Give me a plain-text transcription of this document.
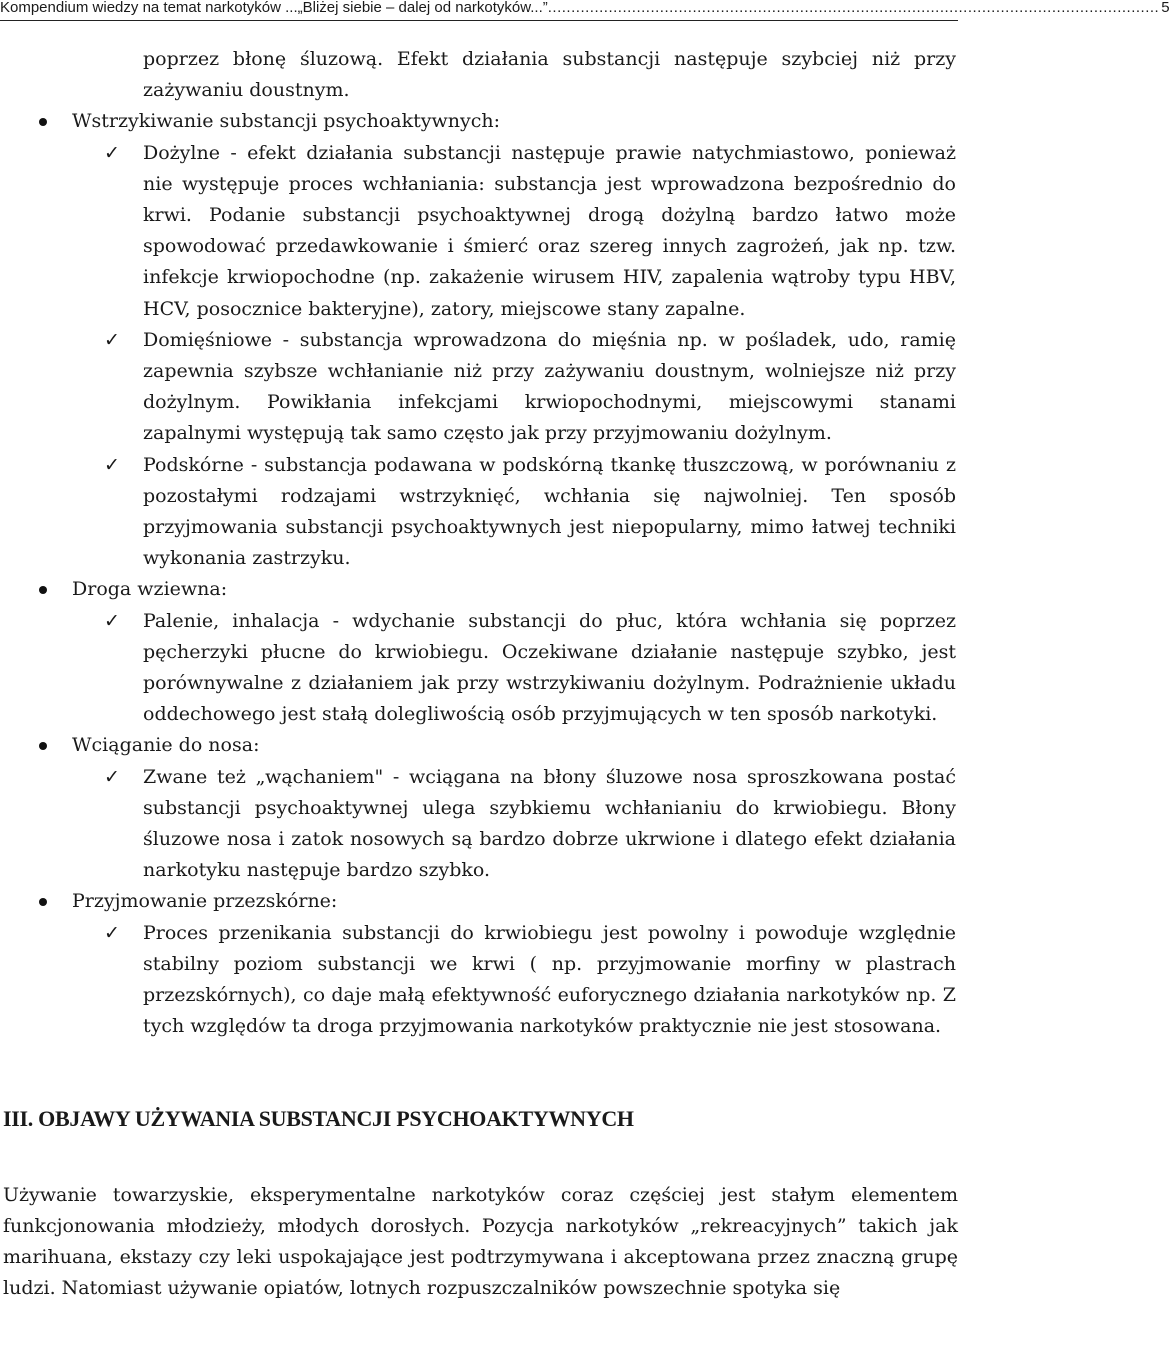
Kompendium wiedzy na temat narkotyków ...„Bliżej siebie – dalej od narkotyków...” ................................................................................................................................... 5

poprzez błonę śluzową. Efekt działania substancji następuje szybciej niż przy zażywaniu doustnym.

Wstrzykiwanie substancji psychoaktywnych:
✓ Dożylne - efekt działania substancji następuje prawie natychmiastowo, ponieważ nie występuje proces wchłaniania: substancja jest wprowadzona bezpośrednio do krwi. Podanie substancji psychoaktywnej drogą dożylną bardzo łatwo może spowodować przedawkowanie i śmierć oraz szereg innych zagrożeń, jak np. tzw. infekcje krwiopochodne (np. zakażenie wirusem HIV, zapalenia wątroby typu HBV, HCV, posocznice bakteryjne), zatory, miejscowe stany zapalne.
✓ Domięśniowe - substancja wprowadzona do mięśnia np. w pośladek, udo, ramię zapewnia szybsze wchłanianie niż przy zażywaniu doustnym, wolniejsze niż przy dożylnym. Powikłania infekcjami krwiopochodnymi, miejscowymi stanami zapalnymi występują tak samo często jak przy przyjmowaniu dożylnym.
✓ Podskórne - substancja podawana w podskórną tkankę tłuszczową, w porównaniu z pozostałymi rodzajami wstrzyknięć, wchłania się najwolniej. Ten sposób przyjmowania substancji psychoaktywnych jest niepopularny, mimo łatwej techniki wykonania zastrzyku.
Droga wziewna:
✓ Palenie, inhalacja - wdychanie substancji do płuc, która wchłania się poprzez pęcherzyki płucne do krwiobiegu. Oczekiwane działanie następuje szybko, jest porównywalne z działaniem jak przy wstrzykiwaniu dożylnym. Podrażnienie układu oddechowego jest stałą dolegliwością osób przyjmujących w ten sposób narkotyki.
Wciąganie do nosa:
✓ Zwane też „wąchaniem" - wciągana na błony śluzowe nosa sproszkowana postać substancji psychoaktywnej ulega szybkiemu wchłanianiu do krwiobiegu. Błony śluzowe nosa i zatok nosowych są bardzo dobrze ukrwione i dlatego efekt działania narkotyku następuje bardzo szybko.
Przyjmowanie przezskórne:
✓ Proces przenikania substancji do krwiobiegu jest powolny i powoduje względnie stabilny poziom substancji we krwi ( np. przyjmowanie morfiny w plastrach przezskórnych), co daje małą efektywność euforycznego działania narkotyków np. Z tych względów ta droga przyjmowania narkotyków praktycznie nie jest stosowana.
III. OBJAWY UŻYWANIA SUBSTANCJI PSYCHOAKTYWNYCH

Używanie towarzyskie, eksperymentalne narkotyków coraz częściej jest stałym elementem funkcjonowania młodzieży, młodych dorosłych. Pozycja narkotyków „rekreacyjnych” takich jak marihuana, ekstazy czy leki uspokajające jest podtrzymywana i akceptowana przez znaczną grupę ludzi. Natomiast używanie opiatów, lotnych rozpuszczalników powszechnie spotyka się
